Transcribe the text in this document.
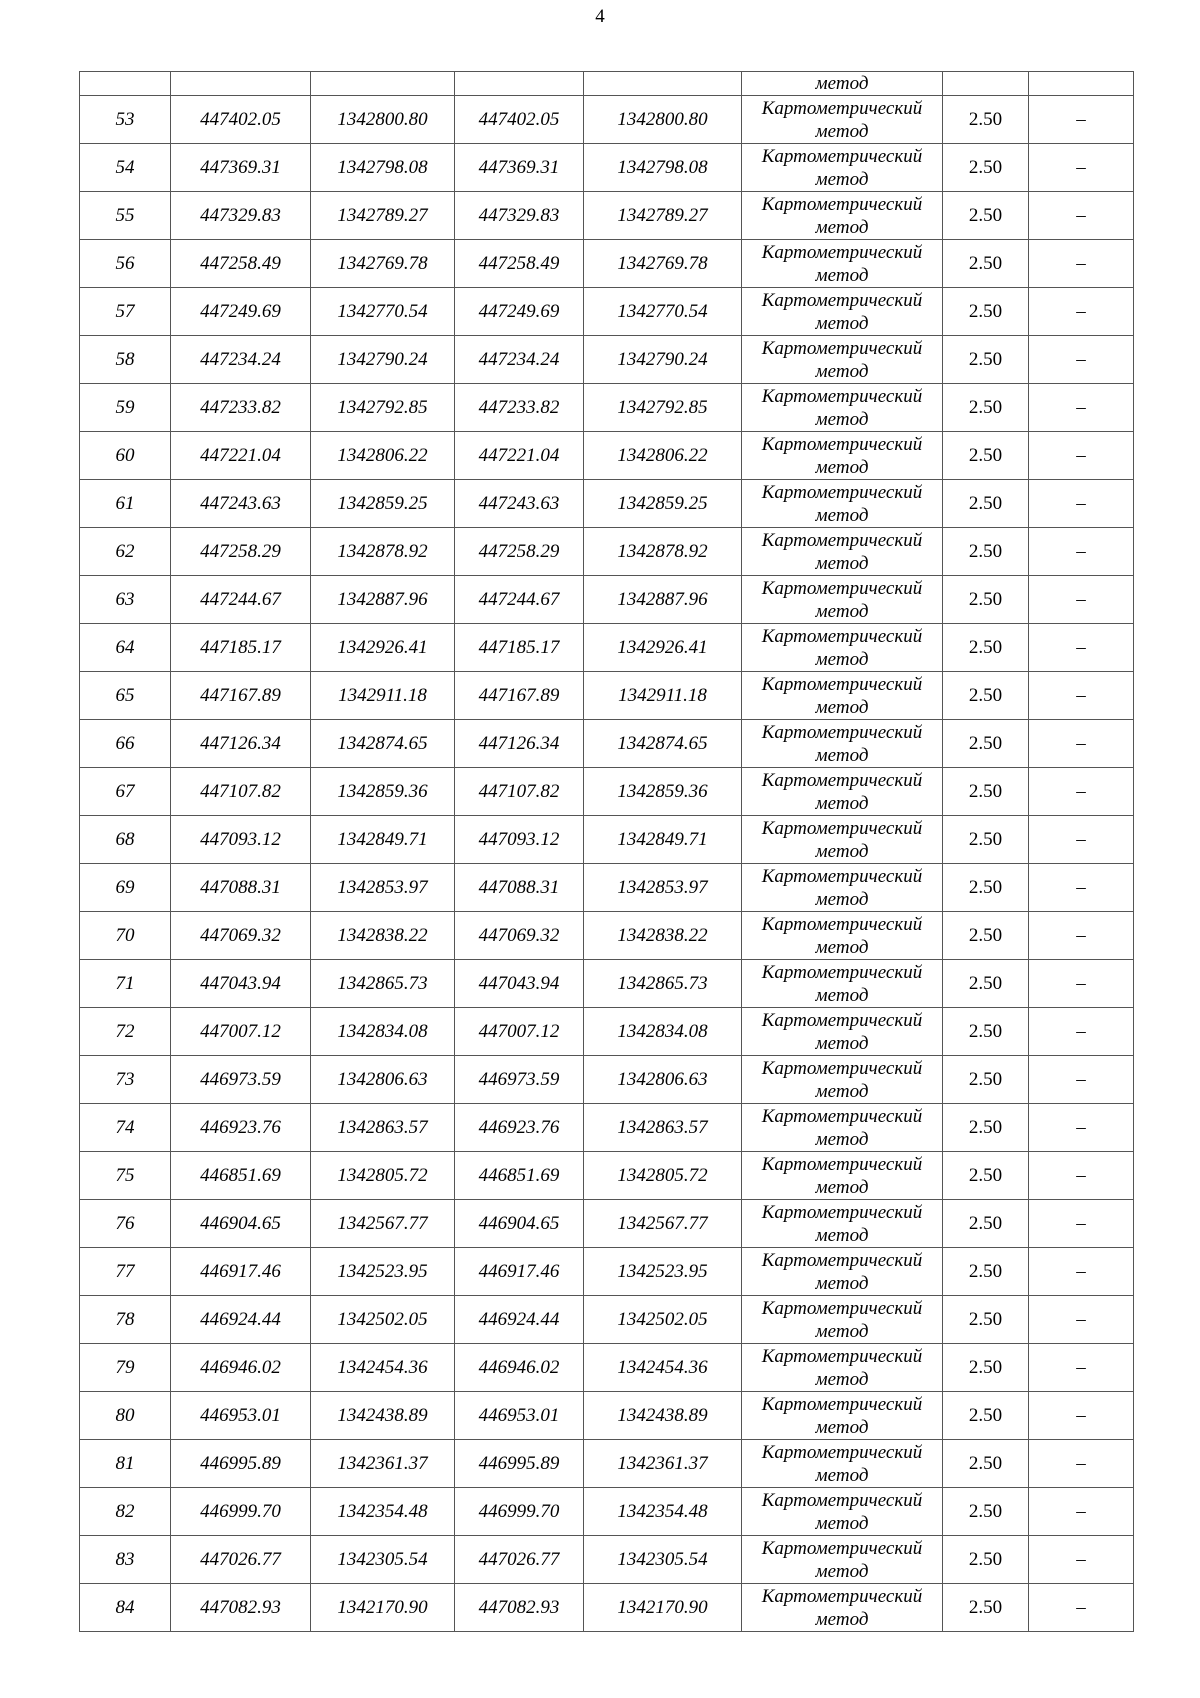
4
					метод		
53	447402.05	1342800.80	447402.05	1342800.80	Картометрический
метод	2.50	–
54	447369.31	1342798.08	447369.31	1342798.08	Картометрический
метод	2.50	–
55	447329.83	1342789.27	447329.83	1342789.27	Картометрический
метод	2.50	–
56	447258.49	1342769.78	447258.49	1342769.78	Картометрический
метод	2.50	–
57	447249.69	1342770.54	447249.69	1342770.54	Картометрический
метод	2.50	–
58	447234.24	1342790.24	447234.24	1342790.24	Картометрический
метод	2.50	–
59	447233.82	1342792.85	447233.82	1342792.85	Картометрический
метод	2.50	–
60	447221.04	1342806.22	447221.04	1342806.22	Картометрический
метод	2.50	–
61	447243.63	1342859.25	447243.63	1342859.25	Картометрический
метод	2.50	–
62	447258.29	1342878.92	447258.29	1342878.92	Картометрический
метод	2.50	–
63	447244.67	1342887.96	447244.67	1342887.96	Картометрический
метод	2.50	–
64	447185.17	1342926.41	447185.17	1342926.41	Картометрический
метод	2.50	–
65	447167.89	1342911.18	447167.89	1342911.18	Картометрический
метод	2.50	–
66	447126.34	1342874.65	447126.34	1342874.65	Картометрический
метод	2.50	–
67	447107.82	1342859.36	447107.82	1342859.36	Картометрический
метод	2.50	–
68	447093.12	1342849.71	447093.12	1342849.71	Картометрический
метод	2.50	–
69	447088.31	1342853.97	447088.31	1342853.97	Картометрический
метод	2.50	–
70	447069.32	1342838.22	447069.32	1342838.22	Картометрический
метод	2.50	–
71	447043.94	1342865.73	447043.94	1342865.73	Картометрический
метод	2.50	–
72	447007.12	1342834.08	447007.12	1342834.08	Картометрический
метод	2.50	–
73	446973.59	1342806.63	446973.59	1342806.63	Картометрический
метод	2.50	–
74	446923.76	1342863.57	446923.76	1342863.57	Картометрический
метод	2.50	–
75	446851.69	1342805.72	446851.69	1342805.72	Картометрический
метод	2.50	–
76	446904.65	1342567.77	446904.65	1342567.77	Картометрический
метод	2.50	–
77	446917.46	1342523.95	446917.46	1342523.95	Картометрический
метод	2.50	–
78	446924.44	1342502.05	446924.44	1342502.05	Картометрический
метод	2.50	–
79	446946.02	1342454.36	446946.02	1342454.36	Картометрический
метод	2.50	–
80	446953.01	1342438.89	446953.01	1342438.89	Картометрический
метод	2.50	–
81	446995.89	1342361.37	446995.89	1342361.37	Картометрический
метод	2.50	–
82	446999.70	1342354.48	446999.70	1342354.48	Картометрический
метод	2.50	–
83	447026.77	1342305.54	447026.77	1342305.54	Картометрический
метод	2.50	–
84	447082.93	1342170.90	447082.93	1342170.90	Картометрический
метод	2.50	–
